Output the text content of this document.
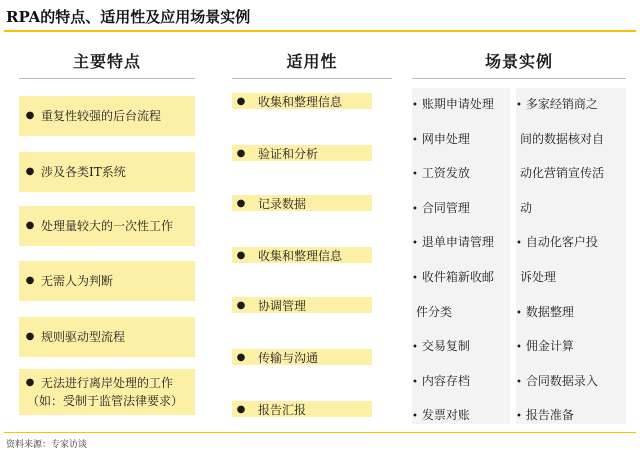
RPA的特点、适用性及应用场景实例
主要特点	适用性	场景实例
● 重复性较强的后台流程
● 涉及各类IT系统
● 处理量较大的一次性工作
● 无需人为判断
● 规则驱动型流程
● 无法进行离岸处理的工作
（如：受制于监管法律要求）
●	收集和整理信息
●	验证和分析
●	记录数据
●	收集和整理信息
●	协调管理
●	传输与沟通
●	报告汇报
• 账期申请处理
• 网申处理
• 工资发放
• 合同管理
• 退单申请管理
• 收件箱新收邮
件分类
• 交易复制
• 内容存档
• 发票对账
• 多家经销商之
间的数据核对自
动化营销宣传活
动
• 自动化客户投
诉处理
• 数据整理
• 佣金计算
• 合同数据录入
• 报告准备
资料来源：专家访谈
